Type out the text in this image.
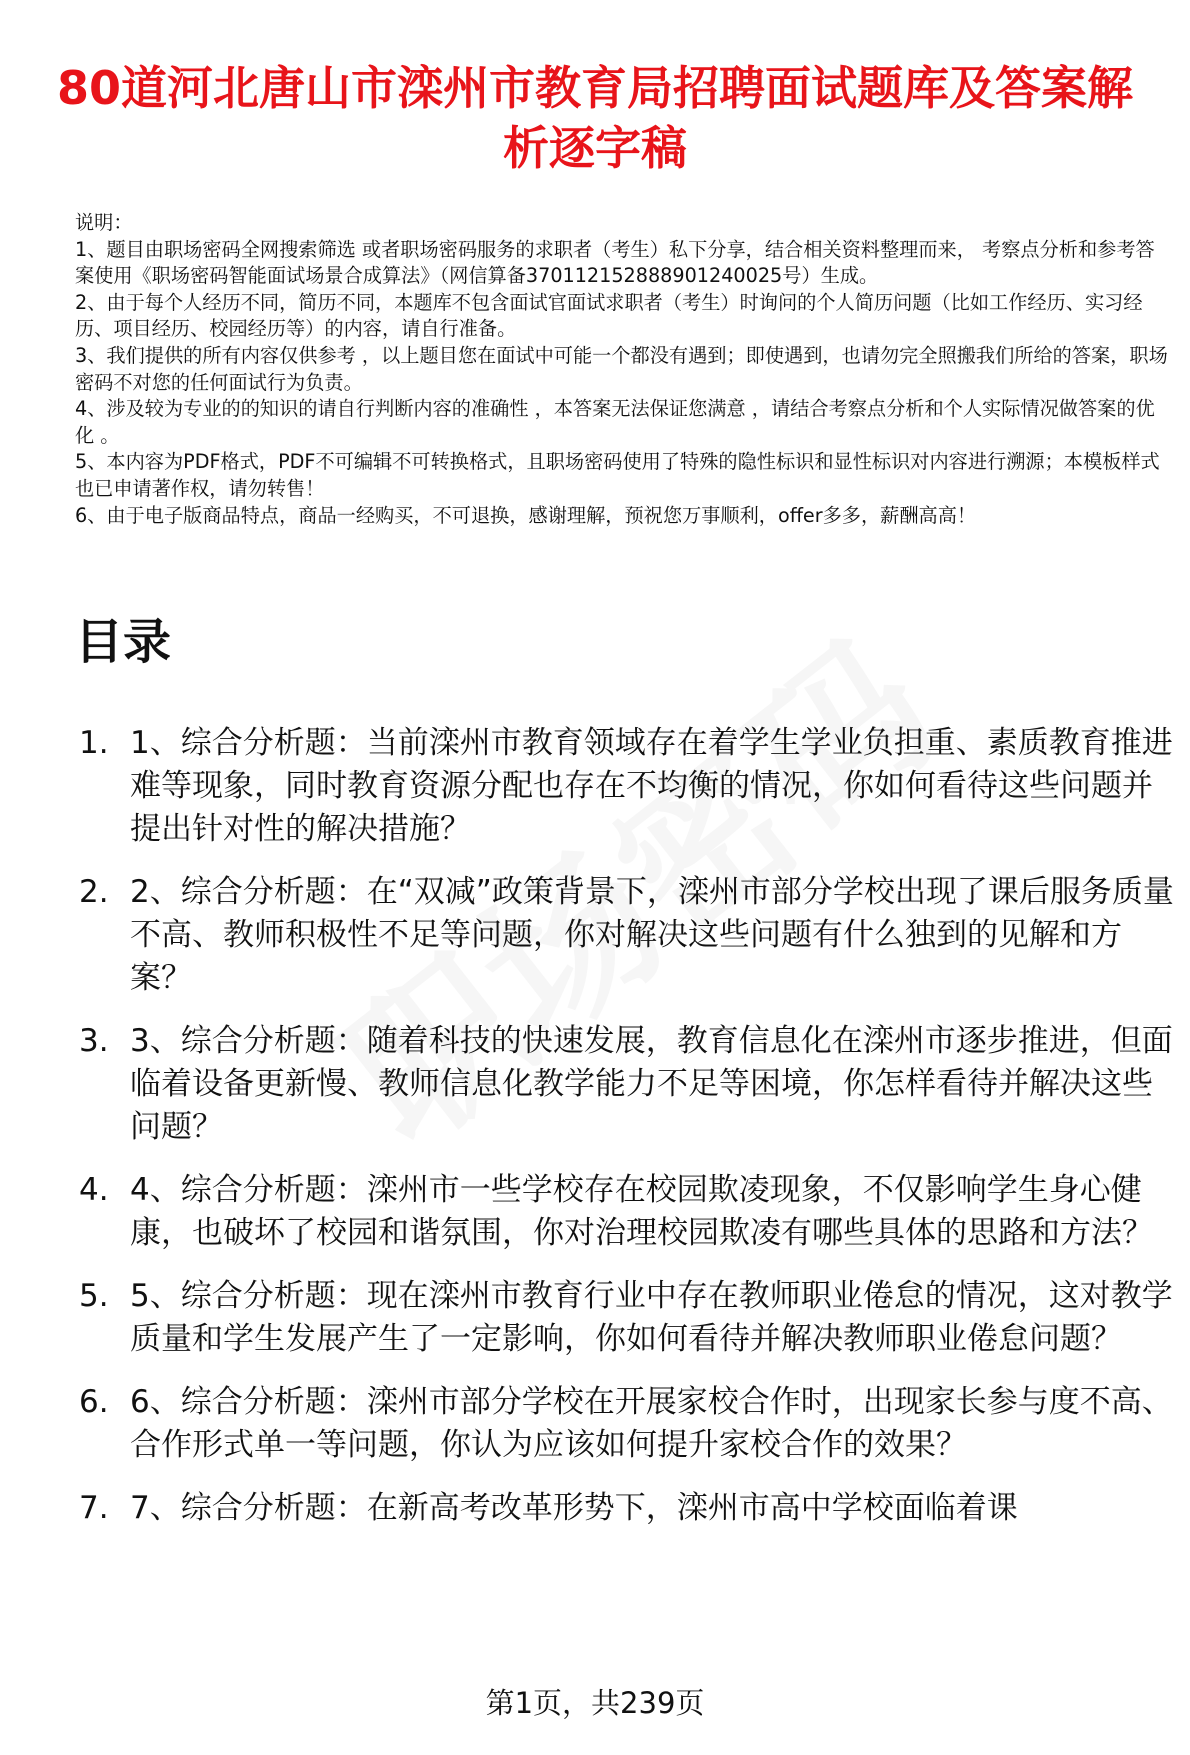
80道河北唐山市滦州市教育局招聘面试题库及答案解析逐字稿

说明：

1、题目由职场密码全网搜索筛选 或者职场密码服务的求职者（考生）私下分享，结合相关资料整理而来， 考察点分析和参考答案使用《职场密码智能面试场景合成算法》（网信算备370112152888901240025号）生成。

2、由于每个人经历不同，简历不同，本题库不包含面试官面试求职者（考生）时询问的个人简历问题（比如工作经历、实习经历、项目经历、校园经历等）的内容，请自行准备。

3、我们提供的所有内容仅供参考 ，以上题目您在面试中可能一个都没有遇到；即使遇到，也请勿完全照搬我们所给的答案，职场密码不对您的任何面试行为负责。

4、涉及较为专业的的知识的请自行判断内容的准确性 ，本答案无法保证您满意 ，请结合考察点分析和个人实际情况做答案的优化 。

5、本内容为PDF格式，PDF不可编辑不可转换格式，且职场密码使用了特殊的隐性标识和显性标识对内容进行溯源；本模板样式也已申请著作权，请勿转售！

6、由于电子版商品特点，商品一经购买，不可退换，感谢理解，预祝您万事顺利，offer多多，薪酬高高！

目录
1. 1、综合分析题：当前滦州市教育领域存在着学生学业负担重、素质教育推进难等现象，同时教育资源分配也存在不均衡的情况，你如何看待这些问题并提出针对性的解决措施？
2. 2、综合分析题：在“双减”政策背景下，滦州市部分学校出现了课后服务质量不高、教师积极性不足等问题，你对解决这些问题有什么独到的见解和方案？
3. 3、综合分析题：随着科技的快速发展，教育信息化在滦州市逐步推进，但面临着设备更新慢、教师信息化教学能力不足等困境，你怎样看待并解决这些问题？
4. 4、综合分析题：滦州市一些学校存在校园欺凌现象，不仅影响学生身心健康，也破坏了校园和谐氛围，你对治理校园欺凌有哪些具体的思路和方法？
5. 5、综合分析题：现在滦州市教育行业中存在教师职业倦怠的情况，这对教学质量和学生发展产生了一定影响，你如何看待并解决教师职业倦怠问题？
6. 6、综合分析题：滦州市部分学校在开展家校合作时，出现家长参与度不高、合作形式单一等问题，你认为应该如何提升家校合作的效果？
7. 7、综合分析题：在新高考改革形势下，滦州市高中学校面临着课
第1页，共239页
